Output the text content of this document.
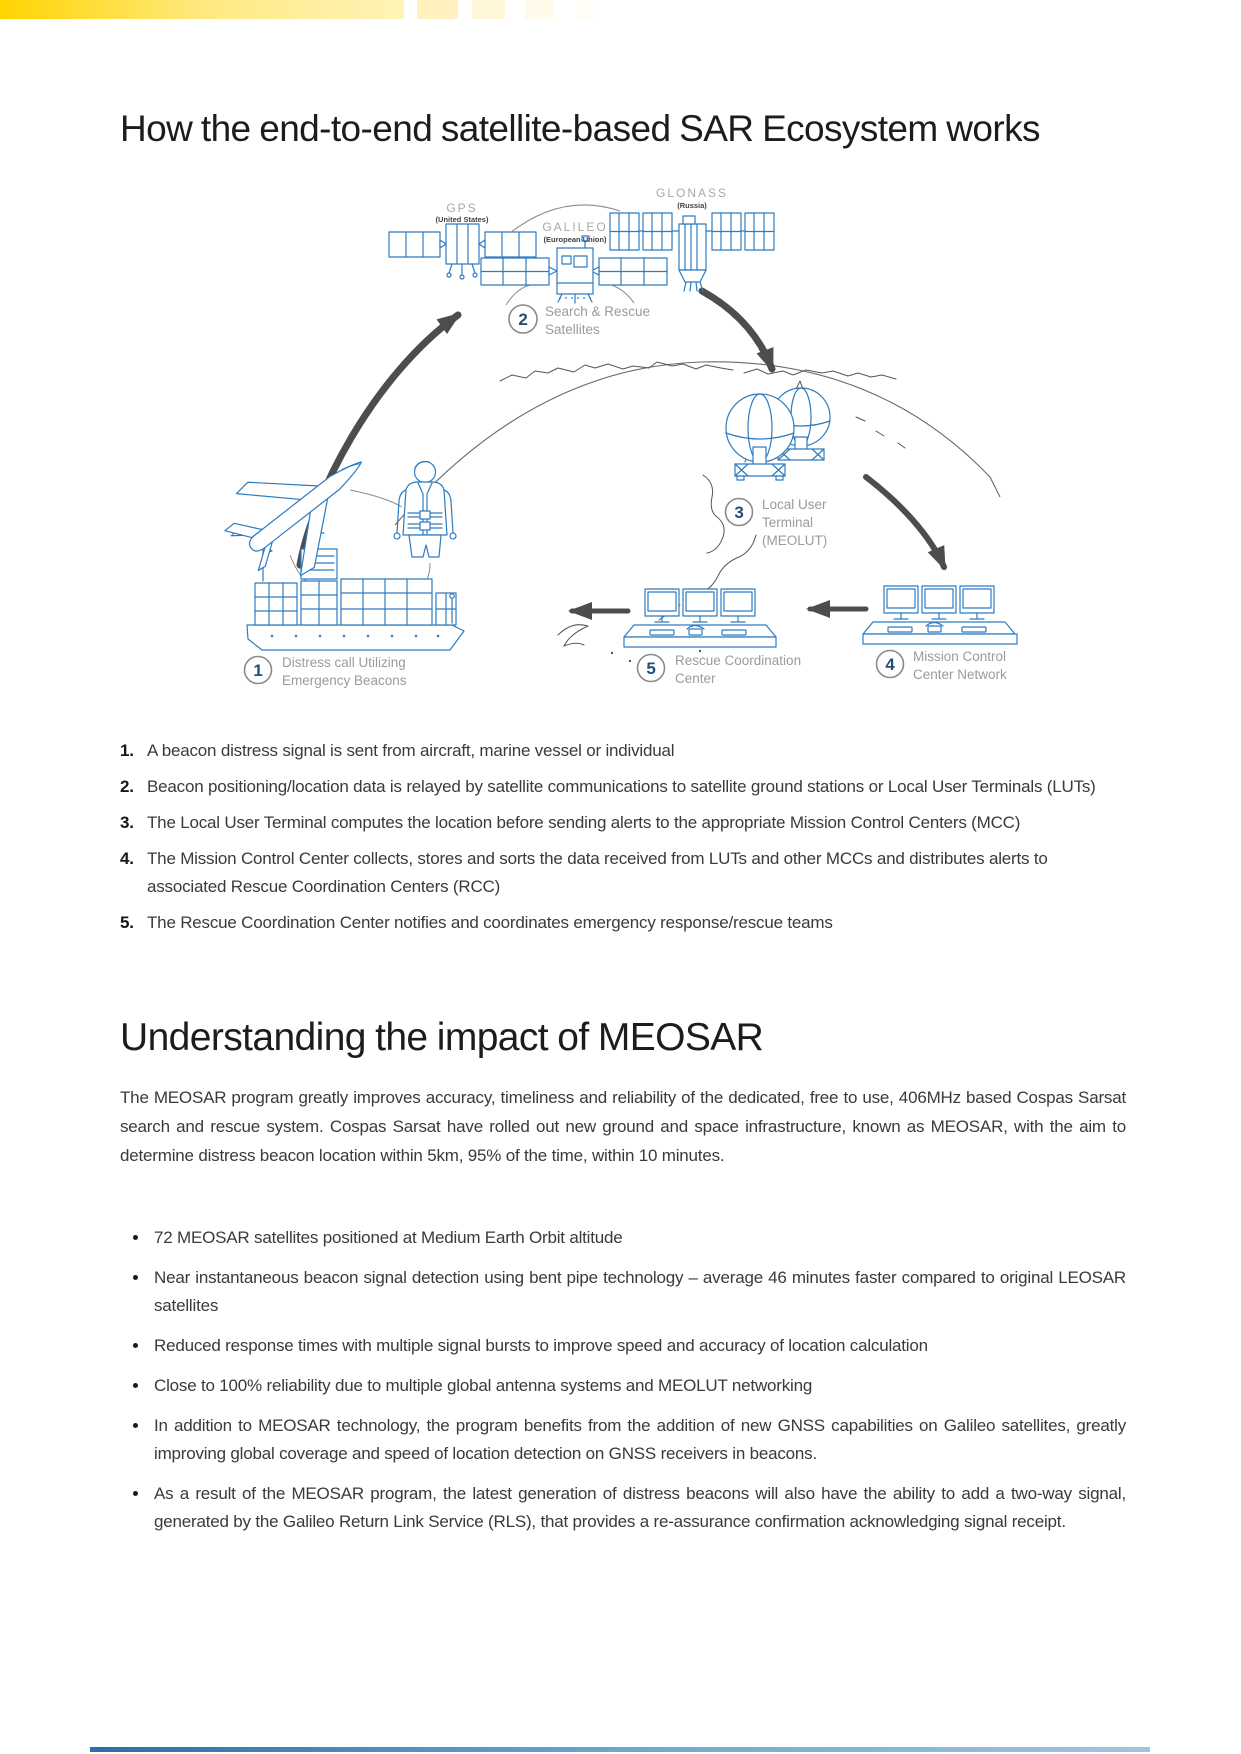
How the end-to-end satellite-based SAR Ecosystem works
GPS
(United States)
GALILEO
(European Union)
GLONASS
(Russia)
2 Search & Rescue
Satellites
1 Distress call Utilizing
Emergency Beacons
3 Local User
Terminal
(MEOLUT)
5 Rescue Coordination
Center
4 Mission Control
Center Network
1. A beacon distress signal is sent from aircraft, marine vessel or individual
2. Beacon positioning/location data is relayed by satellite communications to satellite ground stations or Local User Terminals (LUTs)
3. The Local User Terminal computes the location before sending alerts to the appropriate Mission Control Centers (MCC)
4. The Mission Control Center collects, stores and sorts the data received from LUTs and other MCCs and distributes alerts to associated Rescue Coordination Centers (RCC)
5. The Rescue Coordination Center notifies and coordinates emergency response/rescue teams
Understanding the impact of MEOSAR

The MEOSAR program greatly improves accuracy, timeliness and reliability of the dedicated, free to use, 406MHz based Cospas Sarsat search and rescue system. Cospas Sarsat have rolled out new ground and space infrastructure, known as MEOSAR, with the aim to determine distress beacon location within 5km, 95% of the time, within 10 minutes.

72 MEOSAR satellites positioned at Medium Earth Orbit altitude
Near instantaneous beacon signal detection using bent pipe technology – average 46 minutes faster compared to original LEOSAR satellites
Reduced response times with multiple signal bursts to improve speed and accuracy of location calculation
Close to 100% reliability due to multiple global antenna systems and MEOLUT networking
In addition to MEOSAR technology, the program benefits from the addition of new GNSS capabilities on Galileo satellites, greatly improving global coverage and speed of location detection on GNSS receivers in beacons.
As a result of the MEOSAR program, the latest generation of distress beacons will also have the ability to add a two-way signal, generated by the Galileo Return Link Service (RLS), that provides a re-assurance confirmation acknowledging signal receipt.
